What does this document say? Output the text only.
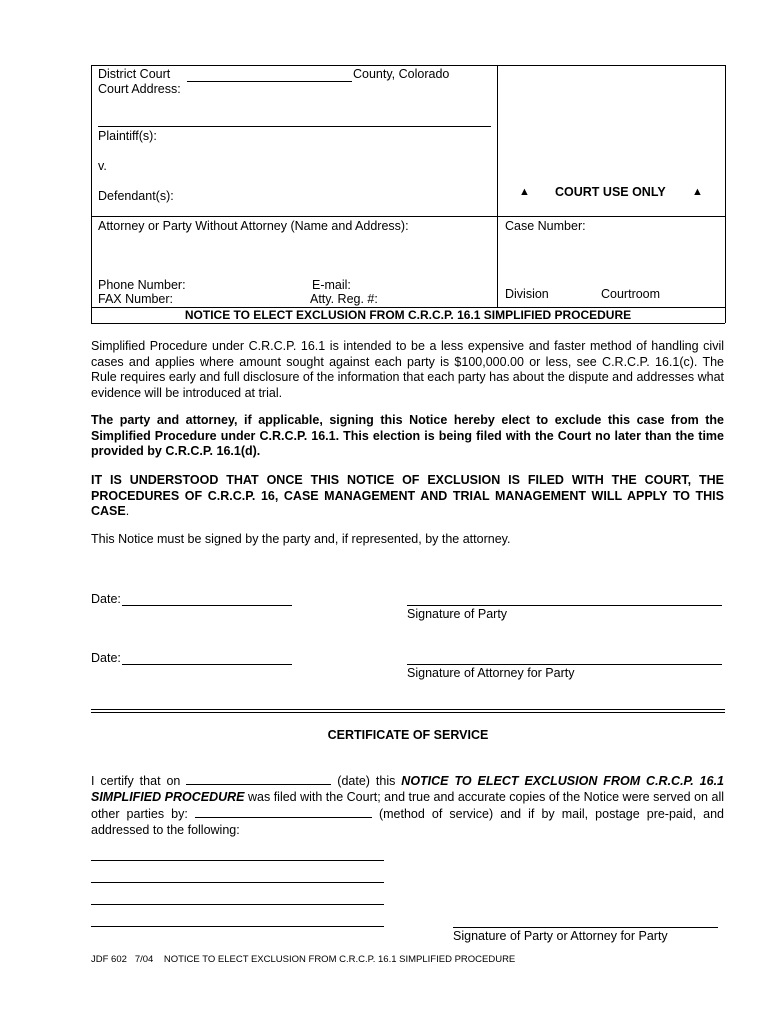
District Court	County, Colorado
Court Address:
Plaintiff(s):
v.
Defendant(s):	▲ COURT USE ONLY ▲
Attorney or Party Without Attorney (Name and Address):
Phone Number:	E-mail:
FAX Number:	Atty. Reg. #:
Case Number:
Division	Courtroom
NOTICE TO ELECT EXCLUSION FROM C.R.C.P. 16.1 SIMPLIFIED PROCEDURE
Simplified Procedure under C.R.C.P. 16.1 is intended to be a less expensive and faster method of handling civil cases and applies where amount sought against each party is $100,000.00 or less, see C.R.C.P. 16.1(c). The Rule requires early and full disclosure of the information that each party has about the dispute and addresses what evidence will be introduced at trial.
The party and attorney, if applicable, signing this Notice hereby elect to exclude this case from the Simplified Procedure under C.R.C.P. 16.1. This election is being filed with the Court no later than the time provided by C.R.C.P. 16.1(d).
IT IS UNDERSTOOD THAT ONCE THIS NOTICE OF EXCLUSION IS FILED WITH THE COURT, THE PROCEDURES OF C.R.C.P. 16, CASE MANAGEMENT AND TRIAL MANAGEMENT WILL APPLY TO THIS CASE.
This Notice must be signed by the party and, if represented, by the attorney.
Date:
Signature of Party
Date:
Signature of Attorney for Party
CERTIFICATE OF SERVICE
I certify that on	(date) this NOTICE TO ELECT EXCLUSION FROM C.R.C.P. 16.1 SIMPLIFIED PROCEDURE was filed with the Court; and true and accurate copies of the Notice were served on all other parties by:	(method of service) and if by mail, postage pre-paid, and addressed to the following:
Signature of Party or Attorney for Party
JDF 602   7/04    NOTICE TO ELECT EXCLUSION FROM C.R.C.P. 16.1 SIMPLIFIED PROCEDURE
